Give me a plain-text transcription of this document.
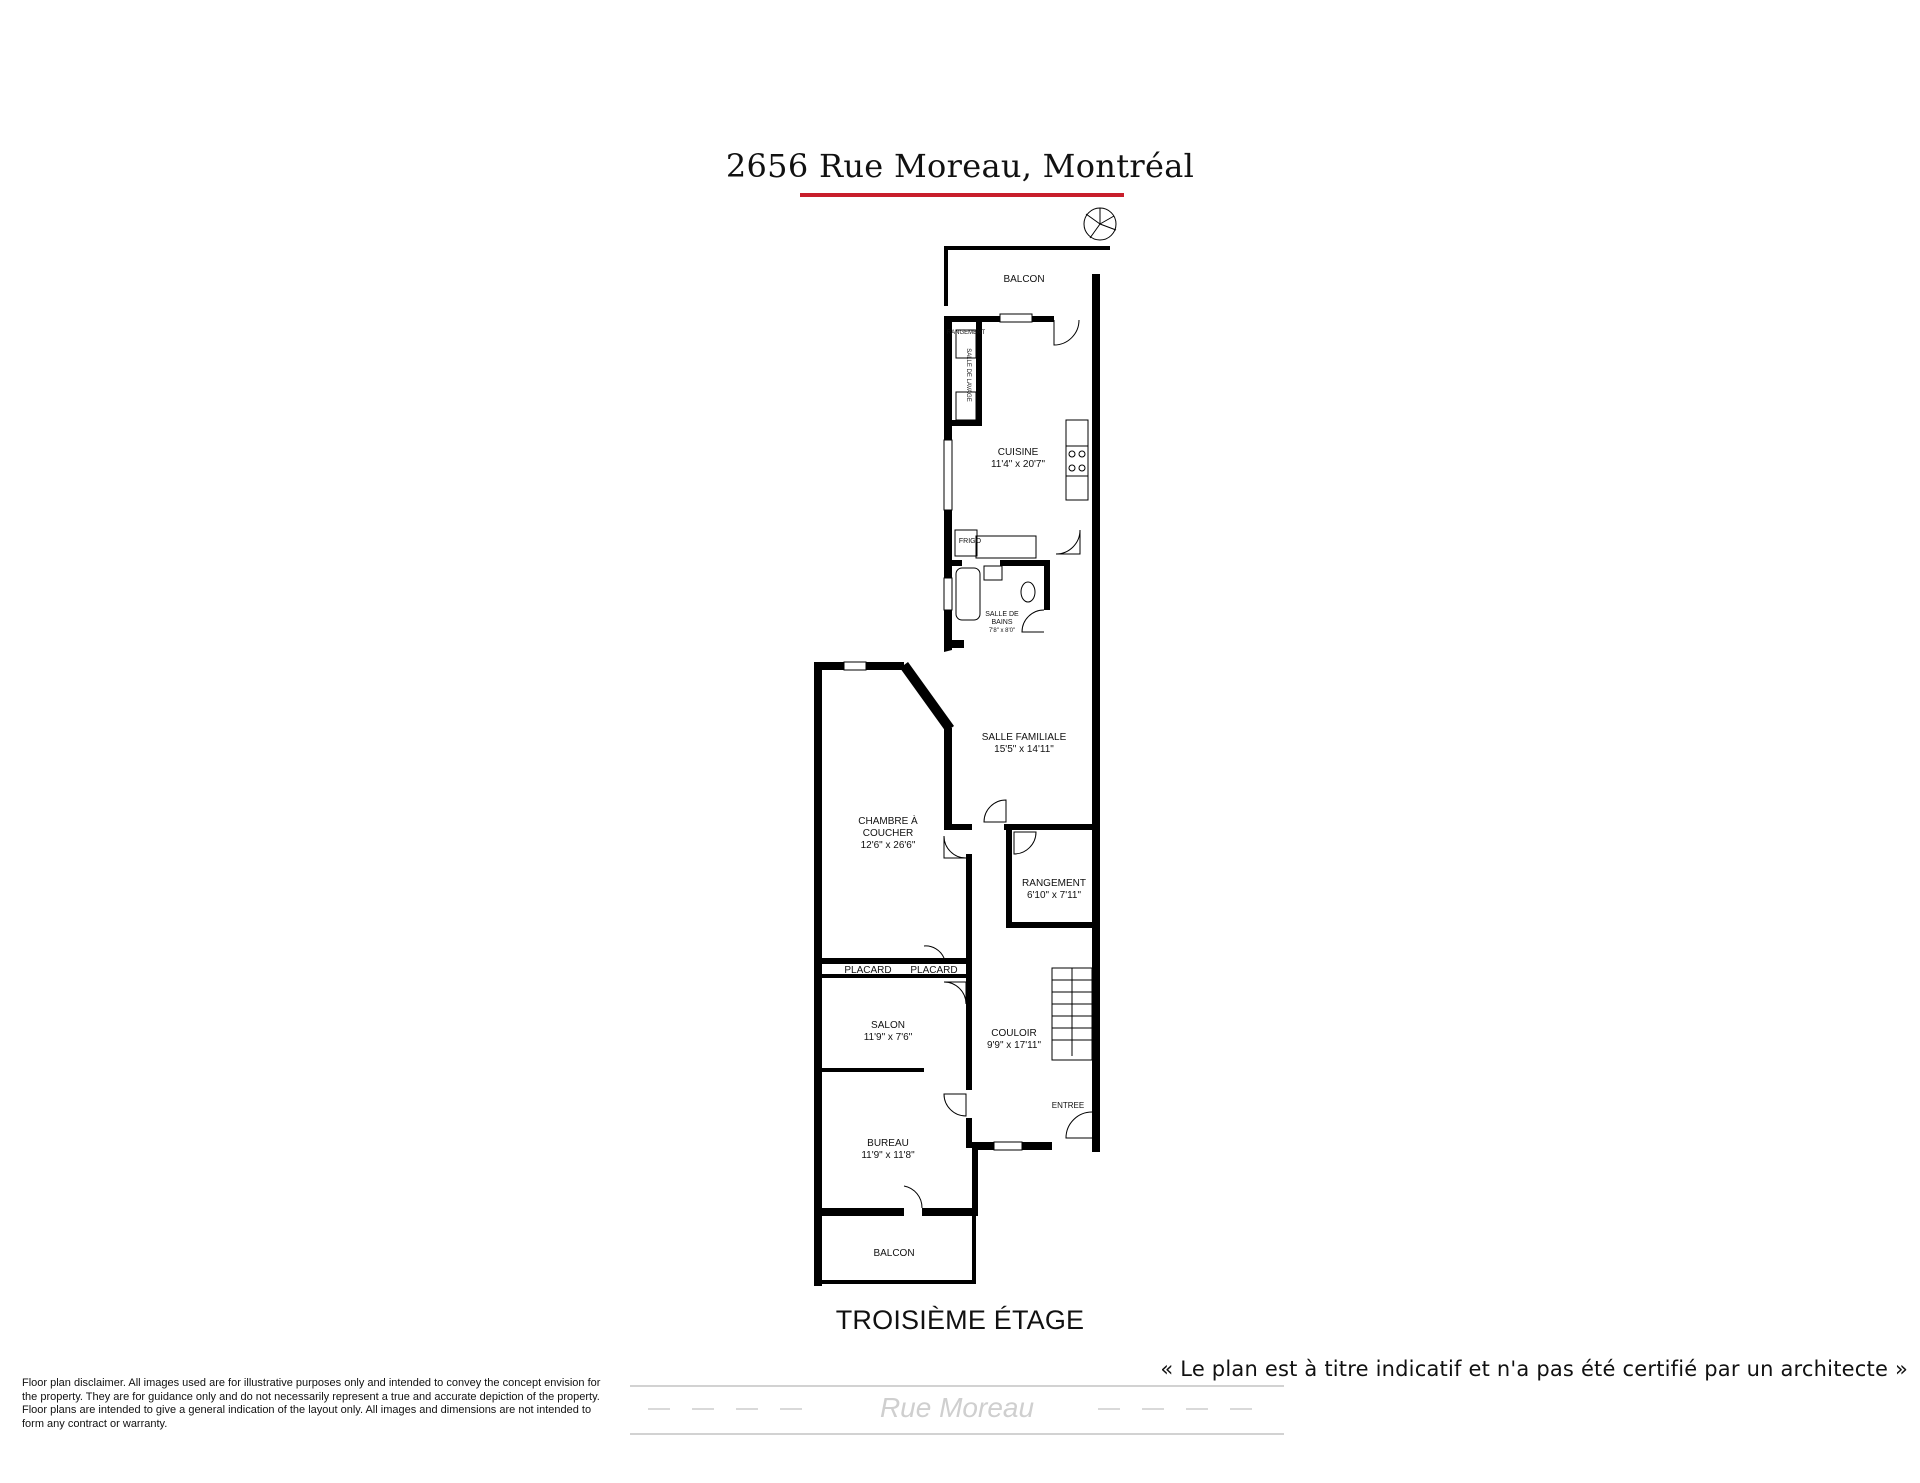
2656 Rue Moreau, Montréal
BALCON
RANGEMENT
SALLE DE LAVAGE
CUISINE
11'4" x 20'7"
FRIGO
SALLE DE
BAINS
7'8" x 8'0"
SALLE FAMILIALE
15'5" x 14'11"
CHAMBRE À
COUCHER
12'6" x 26'6"
RANGEMENT
6'10" x 7'11"
PLACARD PLACARD
SALON
11'9" x 7'6"	COULOIR
9'9" x 17'11"
ENTREE
BUREAU
11'9" x 11'8"
BALCON
TROISIÈME ÉTAGE
« Le plan est à titre indicatif et n'a pas été certifié par un architecte »
Floor plan disclaimer. All images used are for illustrative purposes only and intended to convey the concept envision for the property. They are for guidance only and do not necessarily represent a true and accurate depiction of the property. Floor plans are intended to give a general indication of the layout only. All images and dimensions are not intended to form any contract or warranty.
Rue Moreau
